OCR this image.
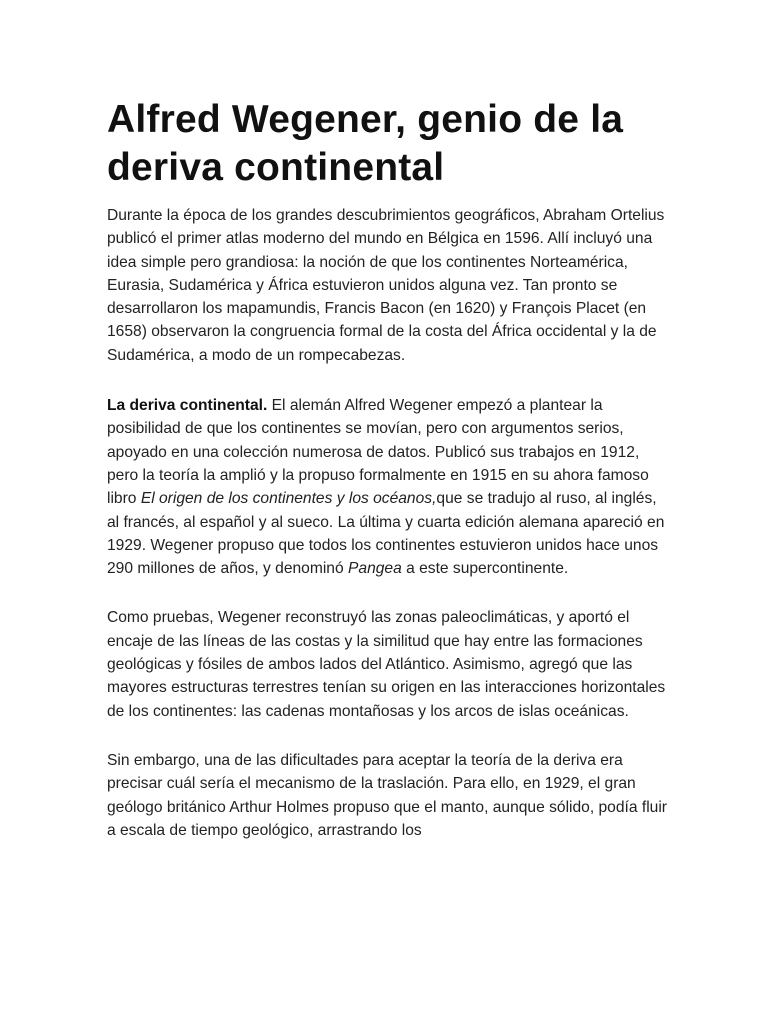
Alfred Wegener, genio de la deriva continental

Durante la época de los grandes descubrimientos geográficos, Abraham Ortelius publicó el primer atlas moderno del mundo en Bélgica en 1596. Allí incluyó una idea simple pero grandiosa: la noción de que los continentes Norteamérica, Eurasia, Sudamérica y África estuvieron unidos alguna vez. Tan pronto se desarrollaron los mapamundis, Francis Bacon (en 1620) y François Placet (en 1658) observaron la congruencia formal de la costa del África occidental y la de Sudamérica, a modo de un rompecabezas.

La deriva continental. El alemán Alfred Wegener empezó a plantear la posibilidad de que los continentes se movían, pero con argumentos serios, apoyado en una colección numerosa de datos. Publicó sus trabajos en 1912, pero la teoría la amplió y la propuso formalmente en 1915 en su ahora famoso libro El origen de los continentes y los océanos,que se tradujo al ruso, al inglés, al francés, al español y al sueco. La última y cuarta edición alemana apareció en 1929. Wegener propuso que todos los continentes estuvieron unidos hace unos 290 millones de años, y denominó Pangea a este supercontinente.

Como pruebas, Wegener reconstruyó las zonas paleoclimáticas, y aportó el encaje de las líneas de las costas y la similitud que hay entre las formaciones geológicas y fósiles de ambos lados del Atlántico. Asimismo, agregó que las mayores estructuras terrestres tenían su origen en las interacciones horizontales de los continentes: las cadenas montañosas y los arcos de islas oceánicas.

Sin embargo, una de las dificultades para aceptar la teoría de la deriva era precisar cuál sería el mecanismo de la traslación. Para ello, en 1929, el gran geólogo británico Arthur Holmes propuso que el manto, aunque sólido, podía fluir a escala de tiempo geológico, arrastrando los
